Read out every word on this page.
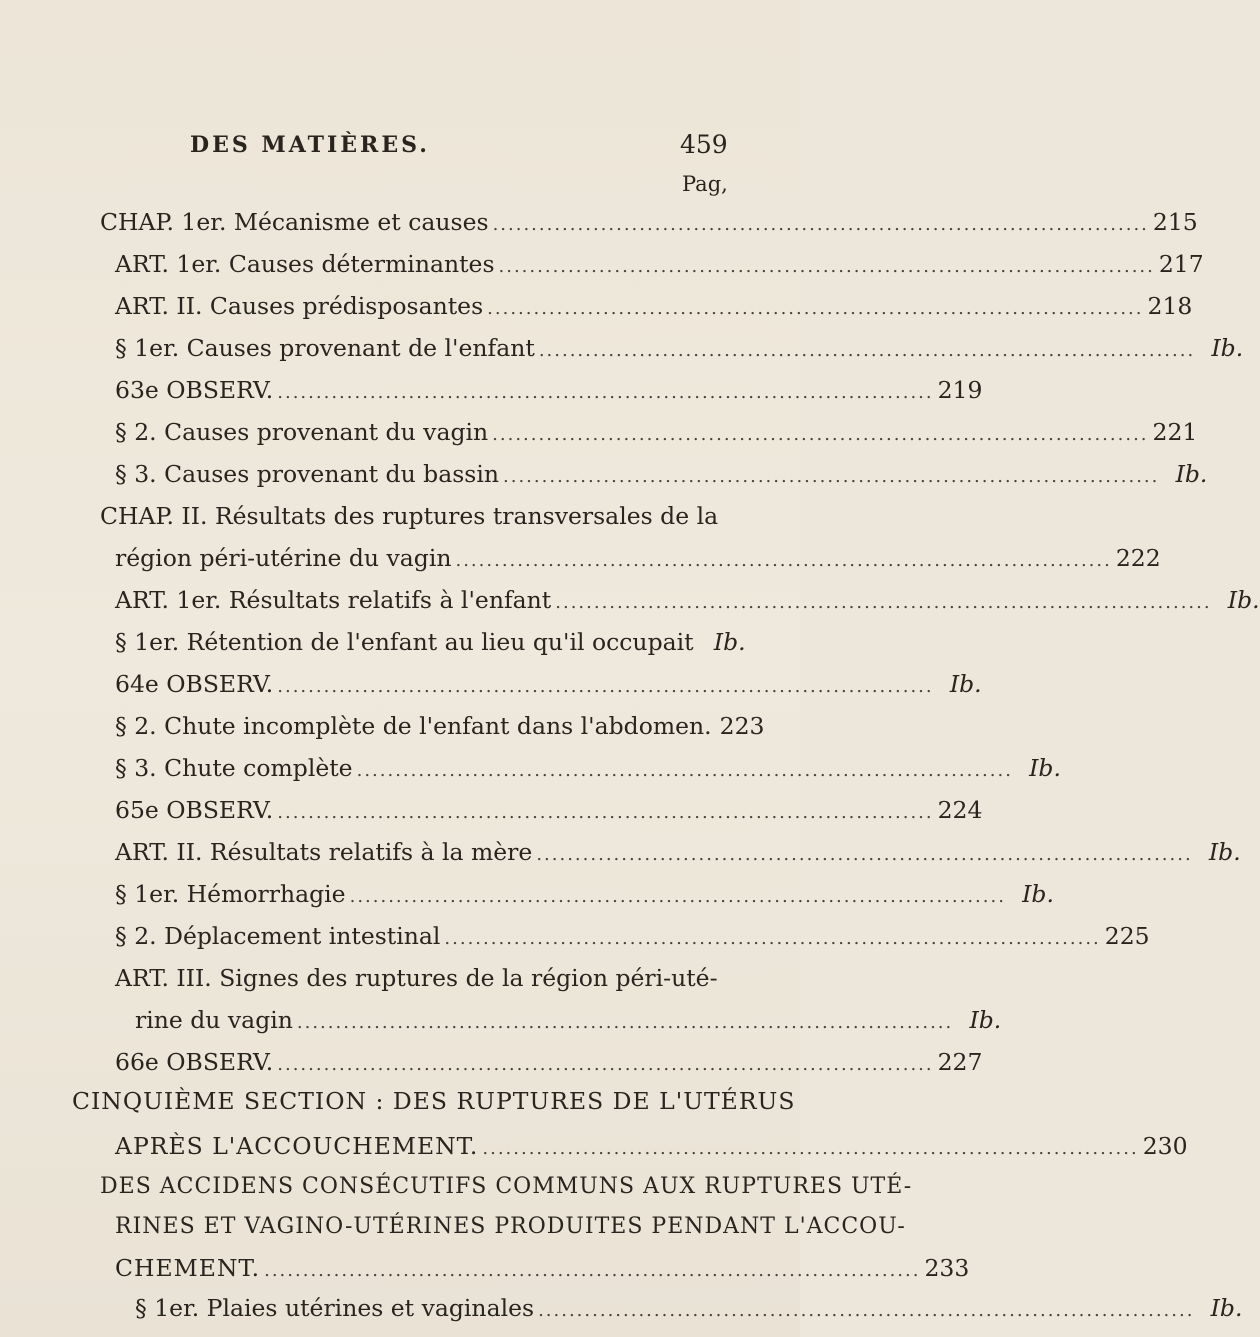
DES MATIÈRES.	459
Pag,
CHAP. 1er. Mécanisme et causes ..................................................................................... 215
ART. 1er. Causes déterminantes ..................................................................................... 217
ART. II. Causes prédisposantes ..................................................................................... 218
§ 1er. Causes provenant de l'enfant ..................................................................................... Ib.
63e OBSERV. ..................................................................................... 219
§ 2. Causes provenant du vagin ..................................................................................... 221
§ 3. Causes provenant du bassin ..................................................................................... Ib.
CHAP. II. Résultats des ruptures transversales de la
région péri-utérine du vagin ..................................................................................... 222
ART. 1er. Résultats relatifs à l'enfant ..................................................................................... Ib.
§ 1er. Rétention de l'enfant au lieu qu'il occupait Ib.
64e OBSERV. ..................................................................................... Ib.
§ 2. Chute incomplète de l'enfant dans l'abdomen. 223
§ 3. Chute complète ..................................................................................... Ib.
65e OBSERV. ..................................................................................... 224
ART. II. Résultats relatifs à la mère ..................................................................................... Ib.
§ 1er. Hémorrhagie ..................................................................................... Ib.
§ 2. Déplacement intestinal ..................................................................................... 225
ART. III. Signes des ruptures de la région péri-uté-
rine du vagin ..................................................................................... Ib.
66e OBSERV. ..................................................................................... 227
CINQUIÈME SECTION : DES RUPTURES DE L'UTÉRUS
APRÈS L'ACCOUCHEMENT. ..................................................................................... 230
DES ACCIDENS CONSÉCUTIFS COMMUNS AUX RUPTURES UTÉ-
RINES ET VAGINO-UTÉRINES PRODUITES PENDANT L'ACCOU-
CHEMENT. ..................................................................................... 233
§ 1er. Plaies utérines et vaginales ..................................................................................... Ib.
